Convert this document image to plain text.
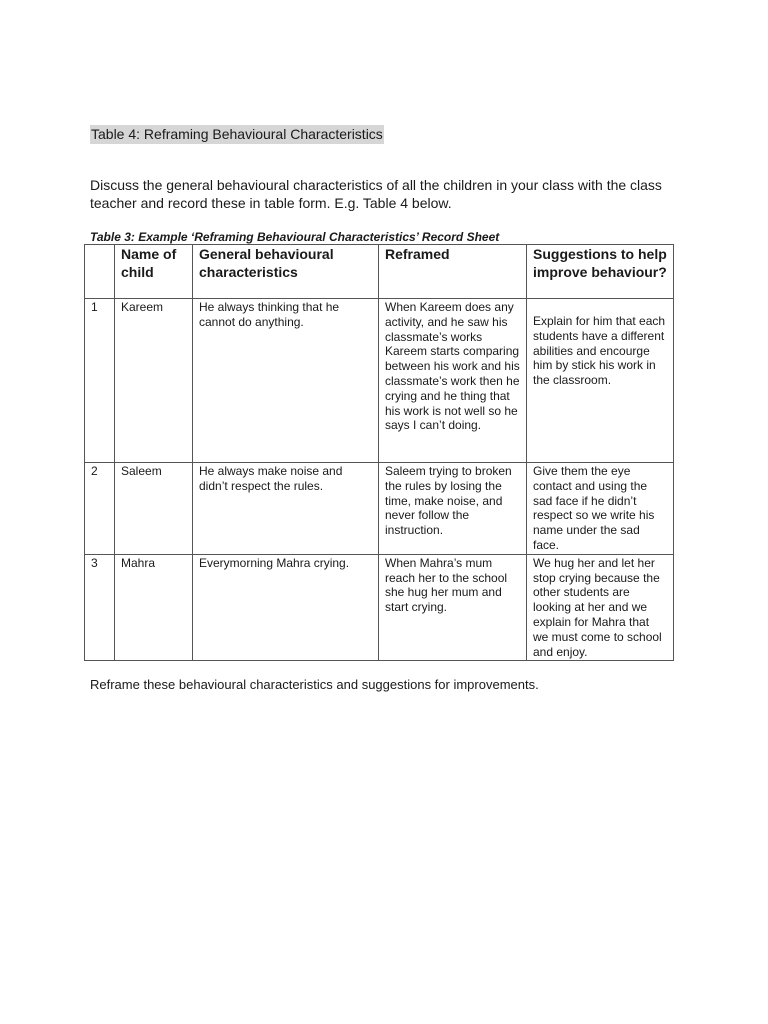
Table 4: Reframing Behavioural Characteristics
Discuss the general behavioural characteristics of all the children in your class with the class teacher and record these in table form. E.g. Table 4 below.
Table 3: Example ‘Reframing Behavioural Characteristics’ Record Sheet
	Name of child	General behavioural characteristics	Reframed	Suggestions to help improve behaviour?
1	Kareem	He always thinking that he cannot do anything.	When Kareem does any activity, and he saw his classmate’s works Kareem starts comparing between his work and his classmate’s work then he crying and he thing that his work is not well so he says I can’t doing.	Explain for him that each students have a different abilities and encourge him by stick his work in the classroom.
2	Saleem	He always make noise and didn’t respect the rules.	Saleem trying to broken the rules by losing the time, make noise, and never follow the instruction.	Give them the eye contact and using the sad face if he didn’t respect so we write his name under the sad face.
3	Mahra	Everymorning Mahra crying.	When Mahra’s mum reach her to the school she hug her mum and start crying.	We hug her and let her stop crying because the other students are looking at her and we explain for Mahra that we must come to school and enjoy.
Reframe these behavioural characteristics and suggestions for improvements.
